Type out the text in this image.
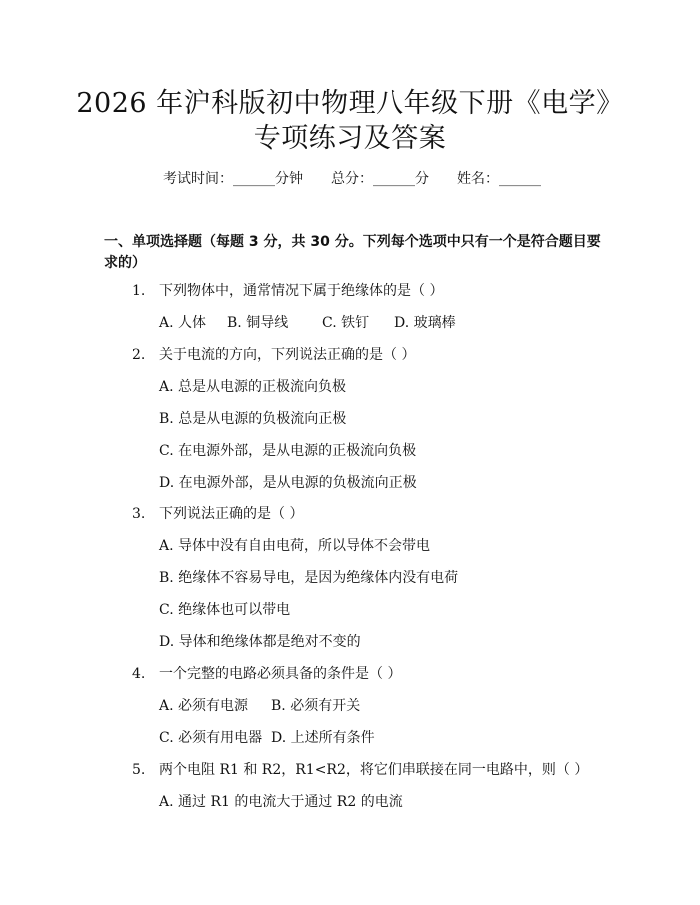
2026 年沪科版初中物理八年级下册《电学》
专项练习及答案
考试时间：______分钟 总分：______分 姓名：______
一、单项选择题（每题 3 分，共 30 分。下列每个选项中只有一个是符合题目要求的）
1. 下列物体中，通常情况下属于绝缘体的是（ ）
A. 人体 B. 铜导线 C. 铁钉 D. 玻璃棒
2. 关于电流的方向，下列说法正确的是（ ）
A. 总是从电源的正极流向负极
B. 总是从电源的负极流向正极
C. 在电源外部，是从电源的正极流向负极
D. 在电源外部，是从电源的负极流向正极
3. 下列说法正确的是（ ）
A. 导体中没有自由电荷，所以导体不会带电
B. 绝缘体不容易导电，是因为绝缘体内没有电荷
C. 绝缘体也可以带电
D. 导体和绝缘体都是绝对不变的
4. 一个完整的电路必须具备的条件是（ ）
A. 必须有电源 B. 必须有开关
C. 必须有用电器 D. 上述所有条件
5. 两个电阻 R1 和 R2，R1<R2，将它们串联接在同一电路中，则（ ）
A. 通过 R1 的电流大于通过 R2 的电流
